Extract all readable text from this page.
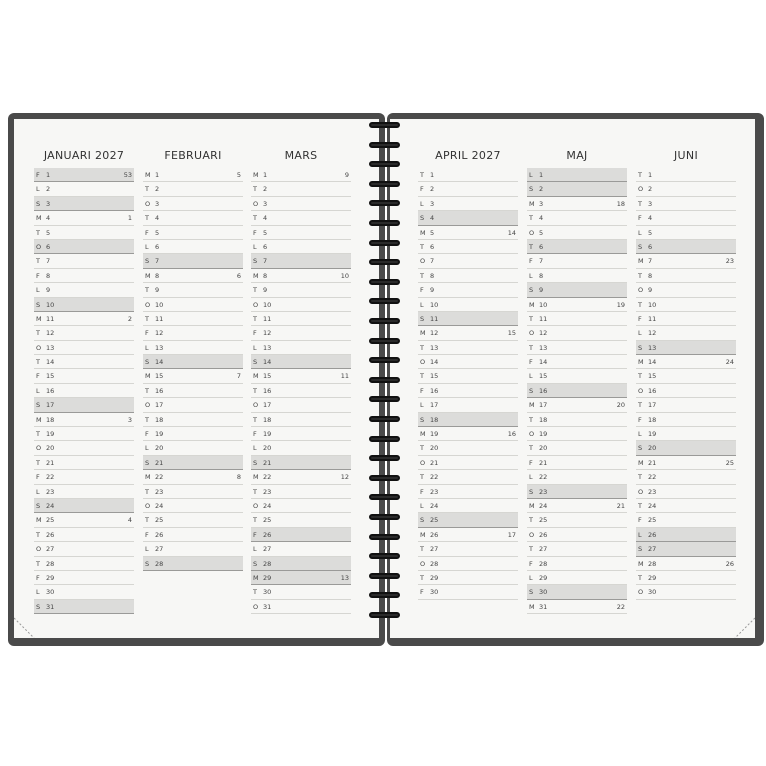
JANUARI 2027
F 1	53
L 2
S 3
M 4	1
T 5
O 6
T 7
F 8
L 9
S 10
M 11	2
T 12
O 13
T 14
F 15
L 16
S 17
M 18	3
T 19
O 20
T 21
F 22
L 23
S 24
M 25	4
T 26
O 27
T 28
F 29
L 30
S 31
FEBRUARI
M 1	5
T 2
O 3
T 4
F 5
L 6
S 7
M 8	6
T 9
O 10
T 11
F 12
L 13
S 14
M 15	7
T 16
O 17
T 18
F 19
L 20
S 21
M 22	8
T 23
O 24
T 25
F 26
L 27
S 28
MARS
M 1	9
T 2
O 3
T 4
F 5
L 6
S 7
M 8	10
T 9
O 10
T 11
F 12
L 13
S 14
M 15	11
T 16
O 17
T 18
F 19
L 20
S 21
M 22	12
T 23
O 24
T 25
F 26
L 27
S 28
M 29	13
T 30
O 31
APRIL 2027
T 1
F 2
L 3
S 4
M 5	14
T 6
O 7
T 8
F 9
L 10
S 11
M 12	15
T 13
O 14
T 15
F 16
L 17
S 18
M 19	16
T 20
O 21
T 22
F 23
L 24
S 25
M 26	17
T 27
O 28
T 29
F 30
MAJ
L 1
S 2
M 3	18
T 4
O 5
T 6
F 7
L 8
S 9
M 10	19
T 11
O 12
T 13
F 14
L 15
S 16
M 17	20
T 18
O 19
T 20
F 21
L 22
S 23
M 24	21
T 25
O 26
T 27
F 28
L 29
S 30
M 31	22
JUNI
T 1
O 2
T 3
F 4
L 5
S 6
M 7	23
T 8
O 9
T 10
F 11
L 12
S 13
M 14	24
T 15
O 16
T 17
F 18
L 19
S 20
M 21	25
T 22
O 23
T 24
F 25
L 26
S 27
M 28	26
T 29
O 30
